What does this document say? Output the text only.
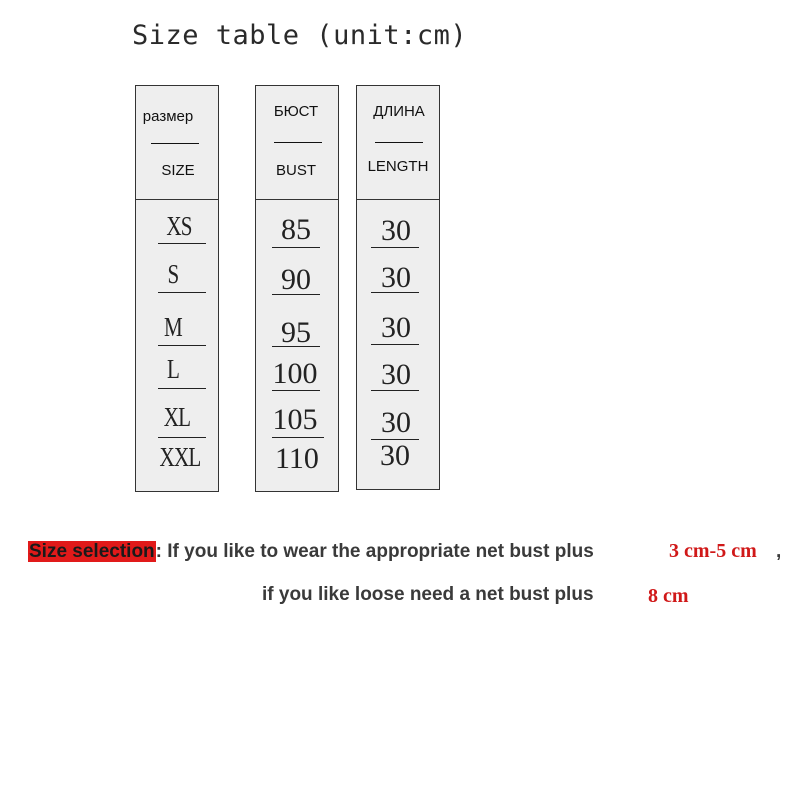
Size table (unit:cm)
размер
SIZE
XS
S
M
L
XL
XXL
БЮСТ
BUST
85
90
95
100
105
110
ДЛИНА
LENGTH
30
30
30
30
30
30
Size selection: If you like to wear the appropriate net bust plus	3 cm-5 cm ,
if you like loose need a net bust plus	8 cm
